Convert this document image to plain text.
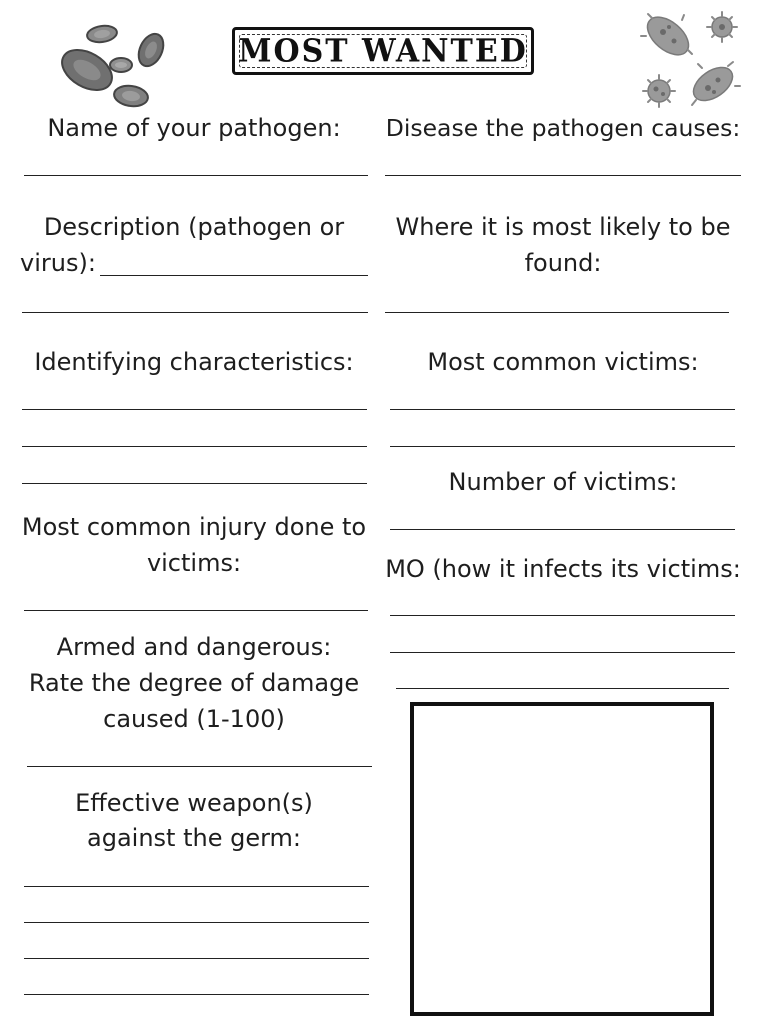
MOST WANTED
Name of your pathogen:
Description (pathogen or
virus):
Identifying characteristics:
Most common injury done to
victims:
Armed and dangerous:
Rate the degree of damage
caused (1-100)
Effective weapon(s)
against the germ:
Disease the pathogen causes:
Where it is most likely to be
found:
Most common victims:
Number of victims:
MO (how it infects its victims:
